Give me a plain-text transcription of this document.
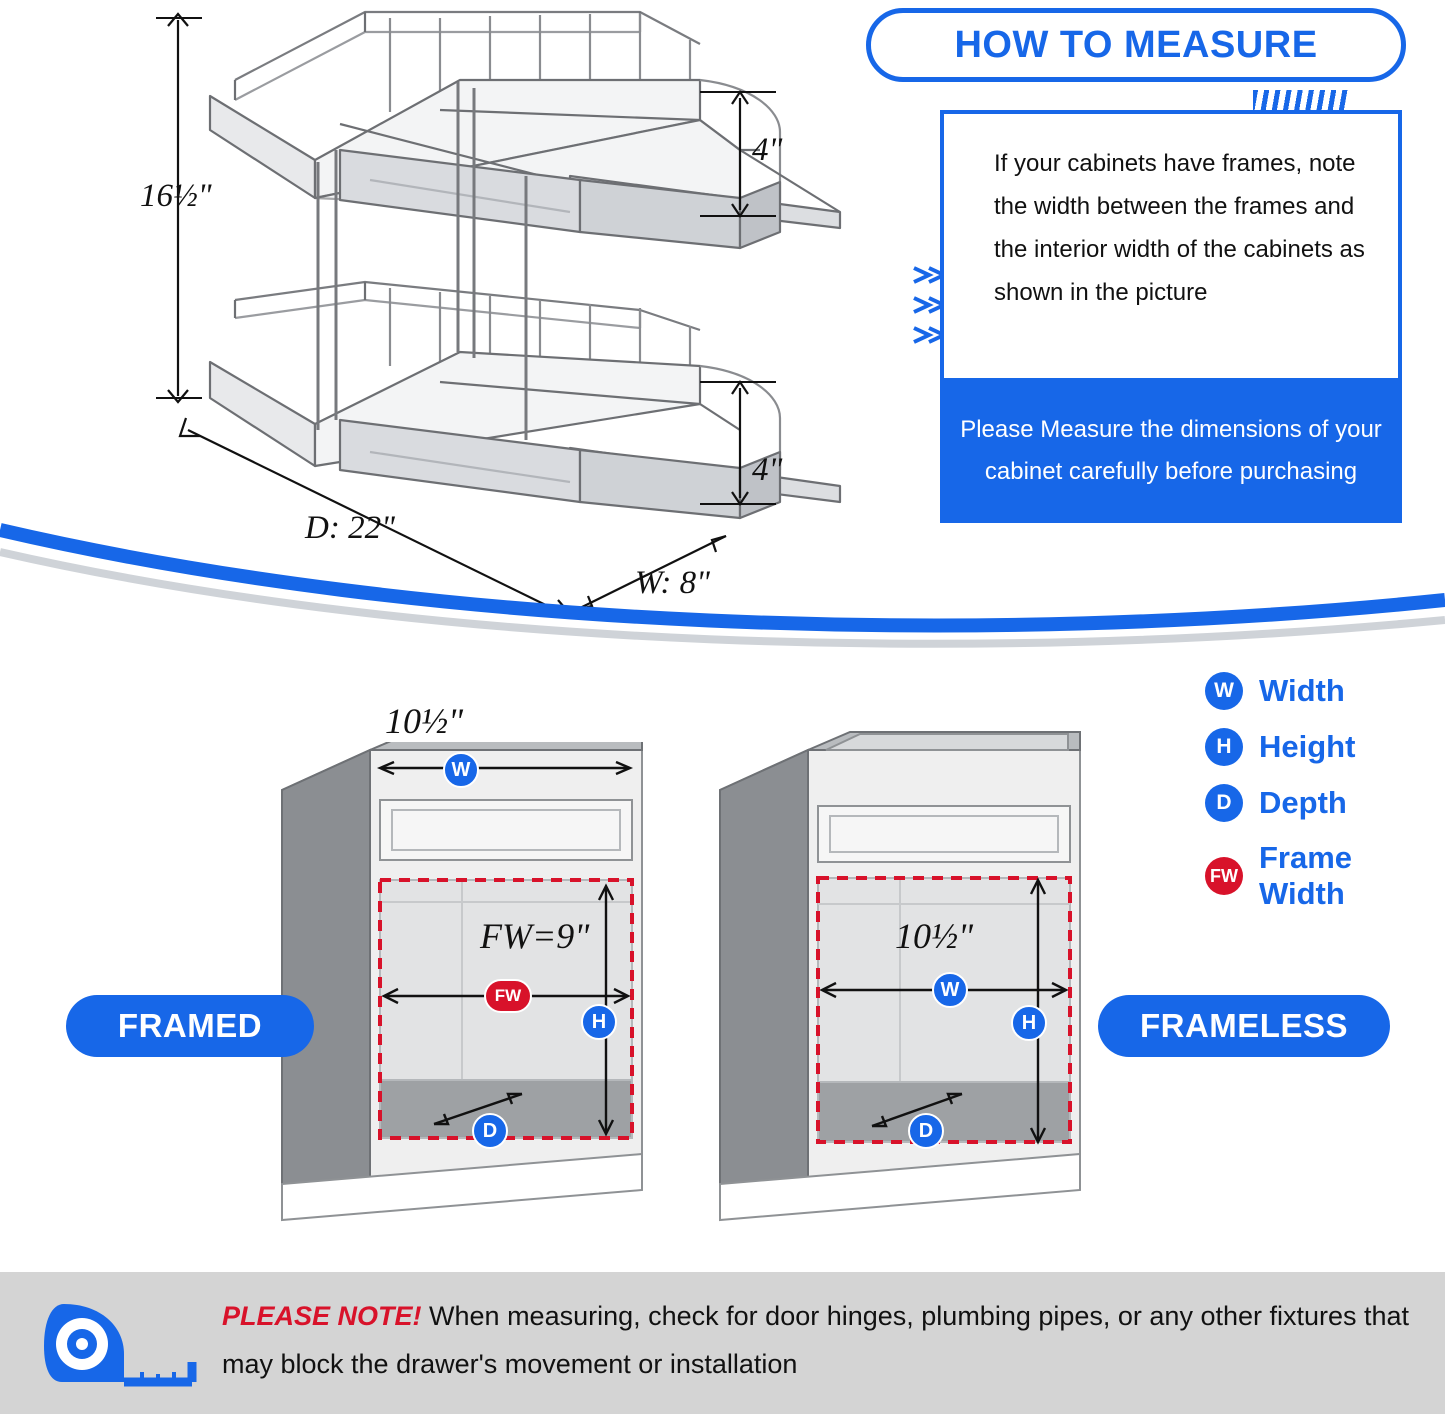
16½"
D: 22"
W: 8"
4"
4"
HOW TO MEASURE

If your cabinets have frames, note the width between the frames and the interior width of the cabinets as shown in the picture

Please Measure the dimensions of your cabinet carefully before purchasing

W Width
H Height
D Depth
FW
Frame Width
10½"
FW=9"
W
FW
H
D
FRAMED
10½"
W
H
D
FRAMELESS
PLEASE NOTE! When measuring, check for door hinges, plumbing pipes, or any other fixtures that may block the drawer's movement or installation
